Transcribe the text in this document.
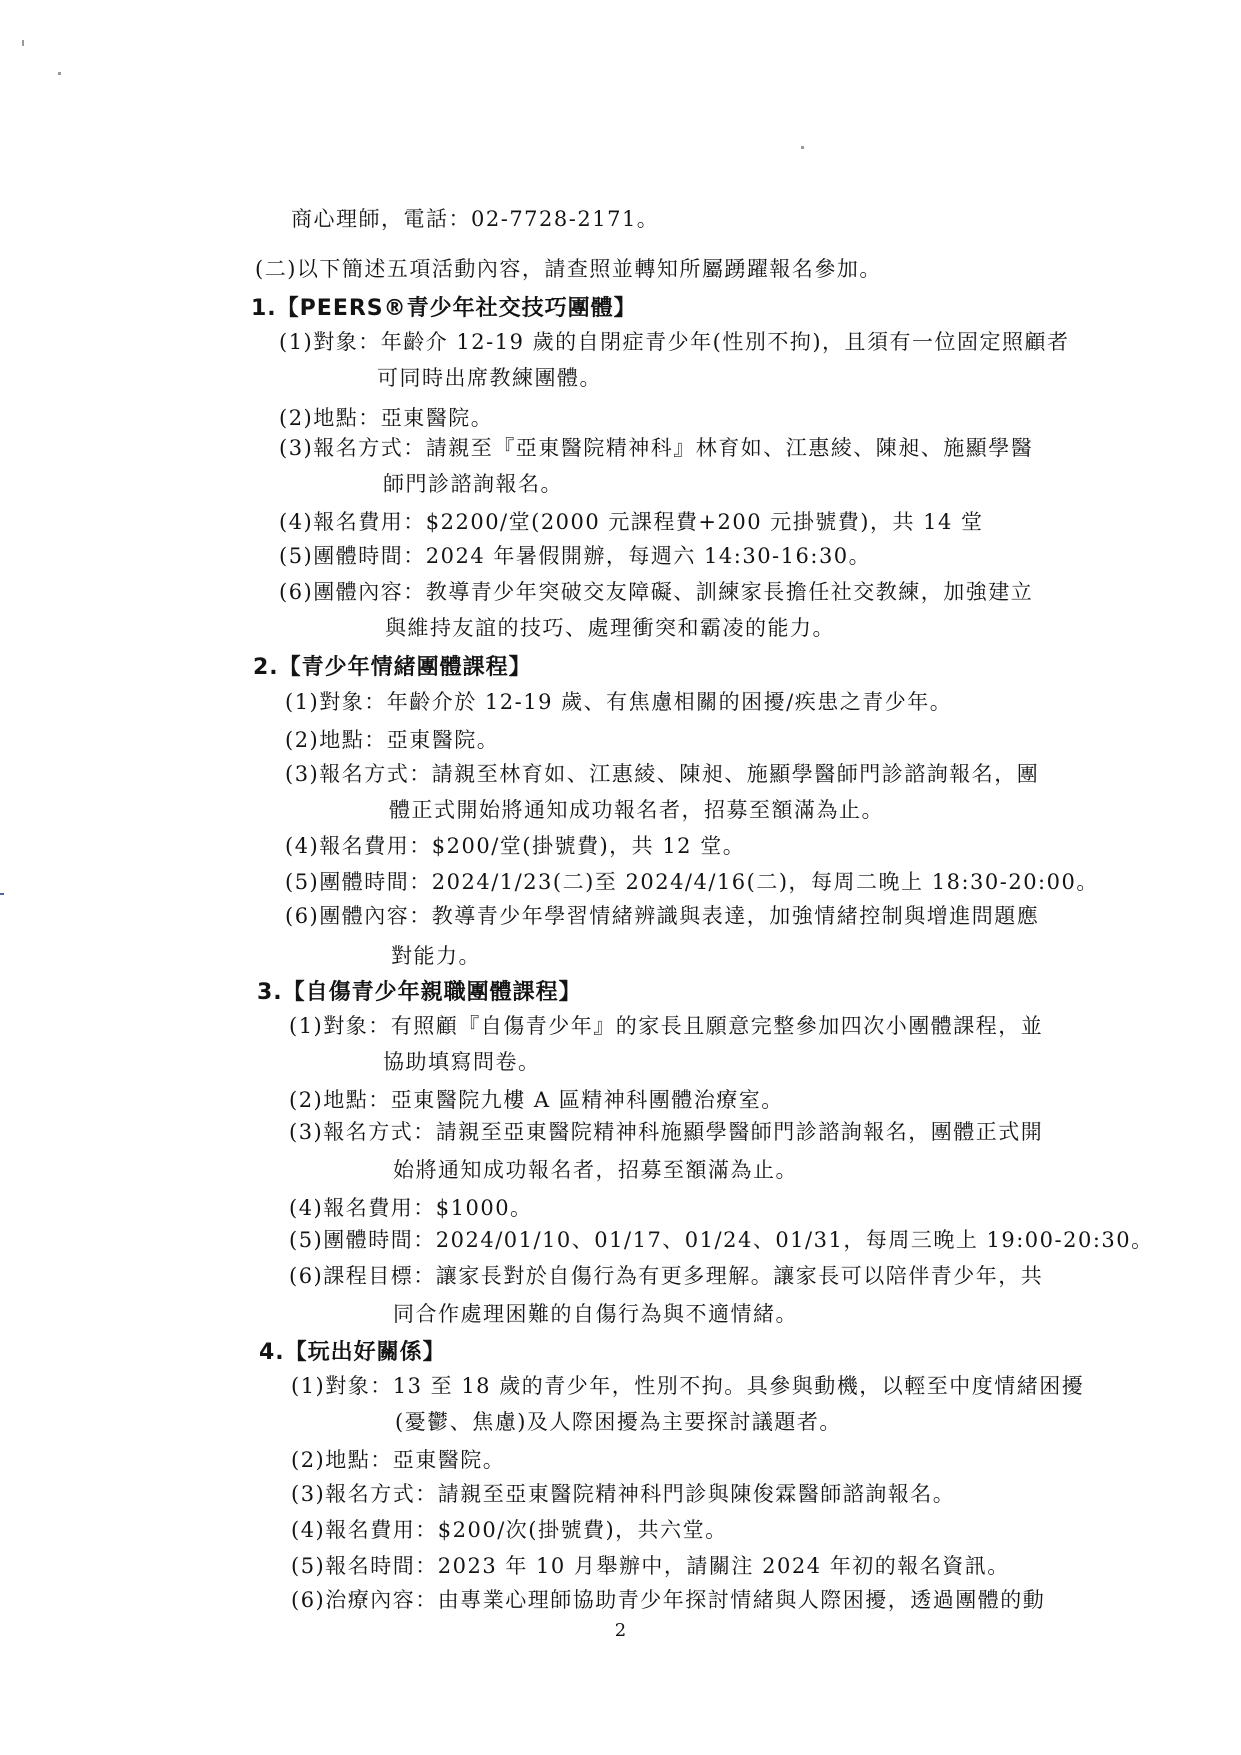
商心理師，電話：02-7728-2171。
(二)以下簡述五項活動內容，請查照並轉知所屬踴躍報名參加。
1.【PEERS®青少年社交技巧團體】
(1)對象：年齡介 12-19 歲的自閉症青少年(性別不拘)，且須有一位固定照顧者
可同時出席教練團體。
(2)地點：亞東醫院。
(3)報名方式：請親至『亞東醫院精神科』林育如、江惠綾、陳昶、施顯學醫
師門診諮詢報名。
(4)報名費用：$2200/堂(2000 元課程費+200 元掛號費)，共 14 堂
(5)團體時間：2024 年暑假開辦，每週六 14:30-16:30。
(6)團體內容：教導青少年突破交友障礙、訓練家長擔任社交教練，加強建立
與維持友誼的技巧、處理衝突和霸凌的能力。
2.【青少年情緒團體課程】
(1)對象：年齡介於 12-19 歲、有焦慮相關的困擾/疾患之青少年。
(2)地點：亞東醫院。
(3)報名方式：請親至林育如、江惠綾、陳昶、施顯學醫師門診諮詢報名，團
體正式開始將通知成功報名者，招募至額滿為止。
(4)報名費用：$200/堂(掛號費)，共 12 堂。
(5)團體時間：2024/1/23(二)至 2024/4/16(二)，每周二晚上 18:30-20:00。
(6)團體內容：教導青少年學習情緒辨識與表達，加強情緒控制與增進問題應
對能力。
3.【自傷青少年親職團體課程】
(1)對象：有照顧『自傷青少年』的家長且願意完整參加四次小團體課程，並
協助填寫問卷。
(2)地點：亞東醫院九樓 A 區精神科團體治療室。
(3)報名方式：請親至亞東醫院精神科施顯學醫師門診諮詢報名，團體正式開
始將通知成功報名者，招募至額滿為止。
(4)報名費用：$1000。
(5)團體時間：2024/01/10、01/17、01/24、01/31，每周三晚上 19:00-20:30。
(6)課程目標：讓家長對於自傷行為有更多理解。讓家長可以陪伴青少年，共
同合作處理困難的自傷行為與不適情緒。
4.【玩出好關係】
(1)對象：13 至 18 歲的青少年，性別不拘。具參與動機，以輕至中度情緒困擾
(憂鬱、焦慮)及人際困擾為主要探討議題者。
(2)地點：亞東醫院。
(3)報名方式：請親至亞東醫院精神科門診與陳俊霖醫師諮詢報名。
(4)報名費用：$200/次(掛號費)，共六堂。
(5)報名時間：2023 年 10 月舉辦中，請關注 2024 年初的報名資訊。
(6)治療內容：由專業心理師協助青少年探討情緒與人際困擾，透過團體的動
2
